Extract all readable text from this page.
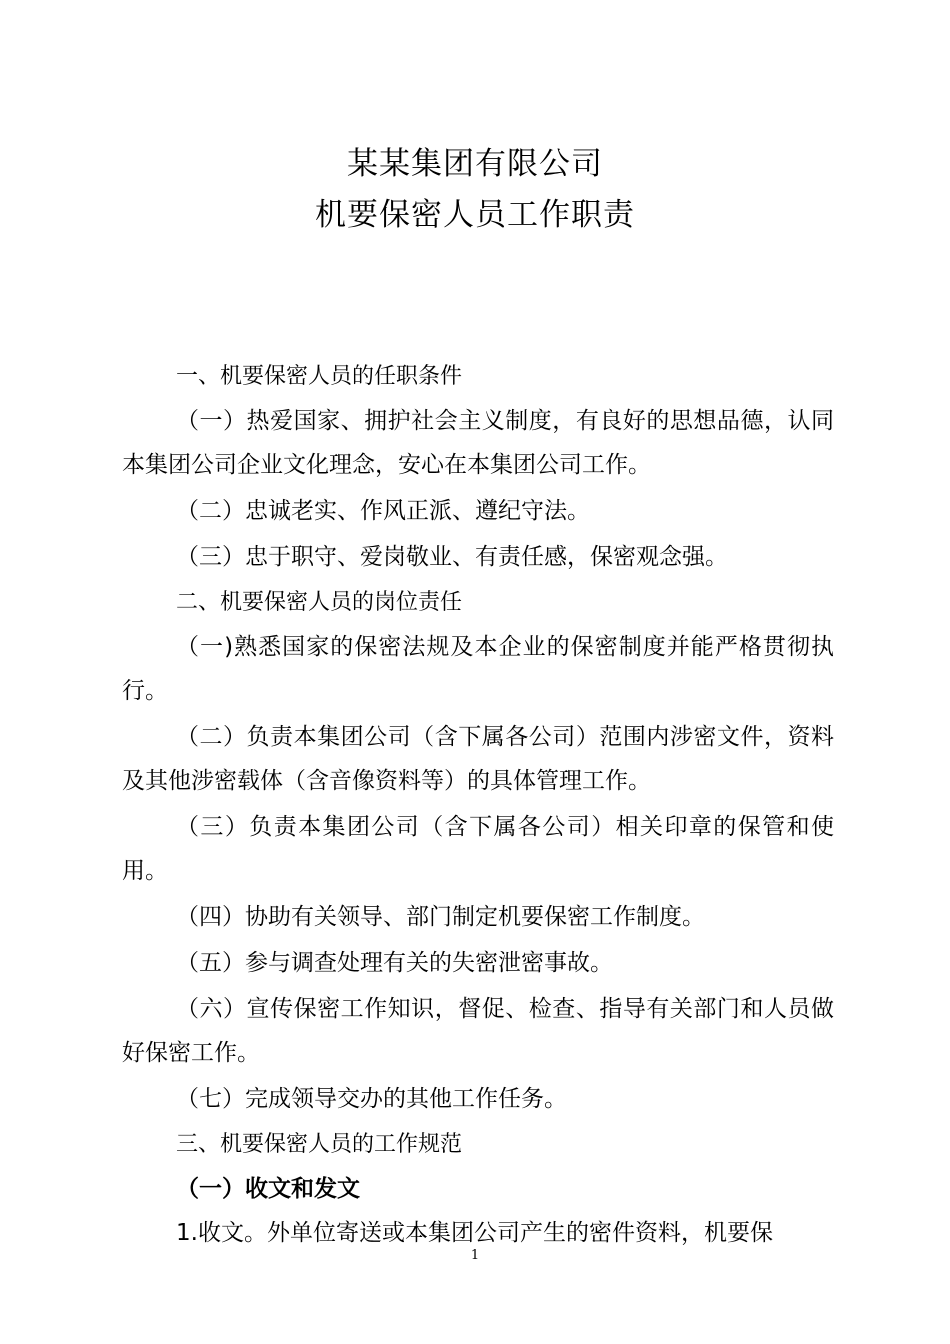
某某集团有限公司
机要保密人员工作职责

一、机要保密人员的任职条件

（一）热爱国家、拥护社会主义制度，有良好的思想品德，认同本集团公司企业文化理念，安心在本集团公司工作。

（二）忠诚老实、作风正派、遵纪守法。

（三）忠于职守、爱岗敬业、有责任感，保密观念强。

二、机要保密人员的岗位责任

（一)熟悉国家的保密法规及本企业的保密制度并能严格贯彻执行。

（二）负责本集团公司（含下属各公司）范围内涉密文件，资料及其他涉密载体（含音像资料等）的具体管理工作。

（三）负责本集团公司（含下属各公司）相关印章的保管和使用。

（四）协助有关领导、部门制定机要保密工作制度。

（五）参与调查处理有关的失密泄密事故。

（六）宣传保密工作知识，督促、检查、指导有关部门和人员做好保密工作。

（七）完成领导交办的其他工作任务。

三、机要保密人员的工作规范

（一）收文和发文

1.收文。外单位寄送或本集团公司产生的密件资料，机要保

1
